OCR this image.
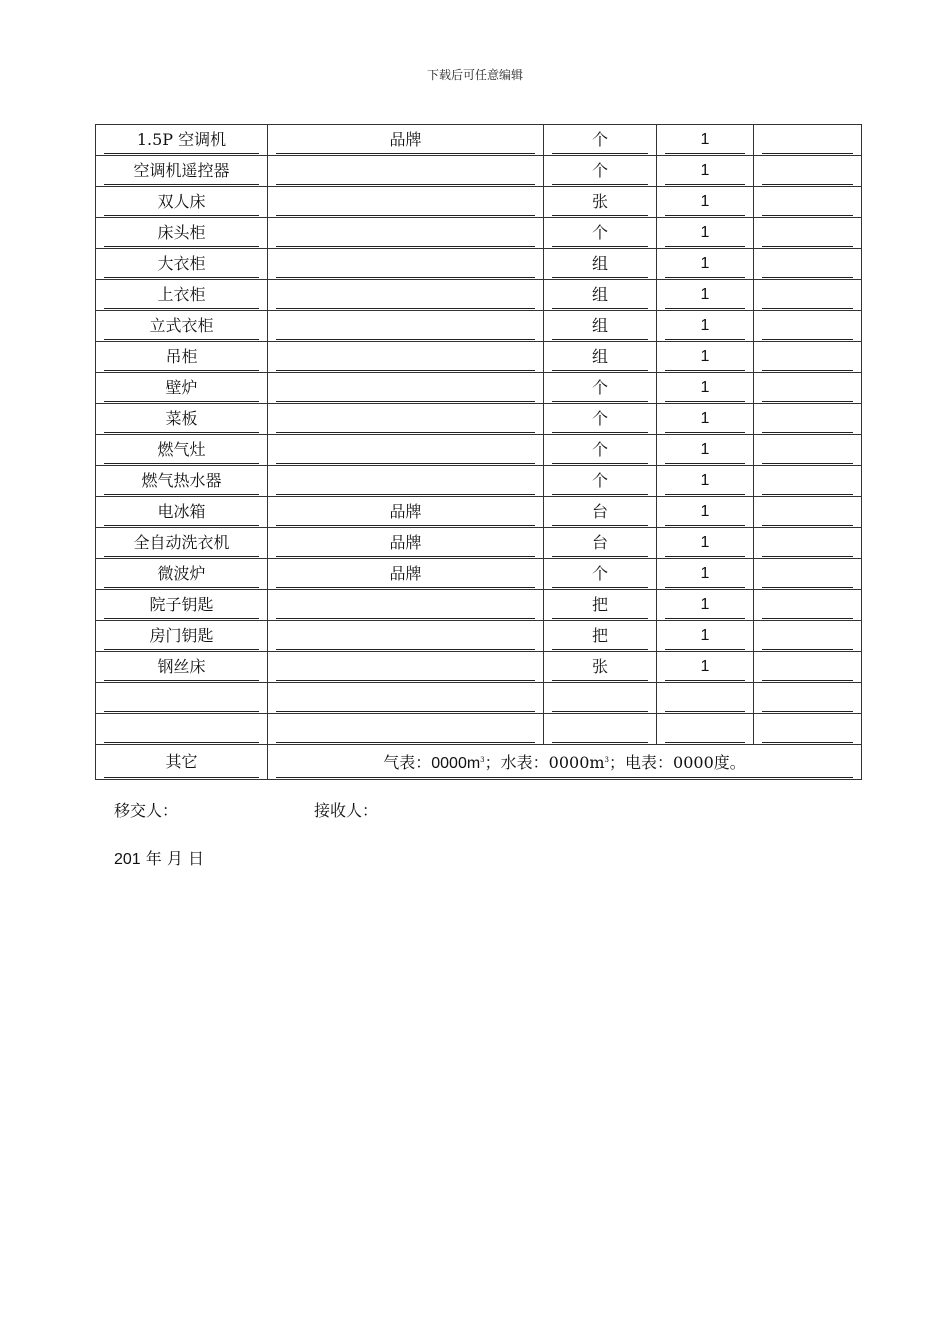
下载后可任意编辑
1.5P 空调机	品牌	个	1	
空调机遥控器		个	1	
双人床		张	1	
床头柜		个	1	
大衣柜		组	1	
上衣柜		组	1	
立式衣柜		组	1	
吊柜		组	1	
壁炉		个	1	
菜板		个	1	
燃气灶		个	1	
燃气热水器		个	1	
电冰箱	品牌	台	1	
全自动洗衣机	品牌	台	1	
微波炉	品牌	个	1	
院子钥匙		把	1	
房门钥匙		把	1	
钢丝床		张	1	

其它	气表：$0000m^3$；水表：$0000m^3$；电表：0000度。			
移交人：	接收人：
201 年 月 日
